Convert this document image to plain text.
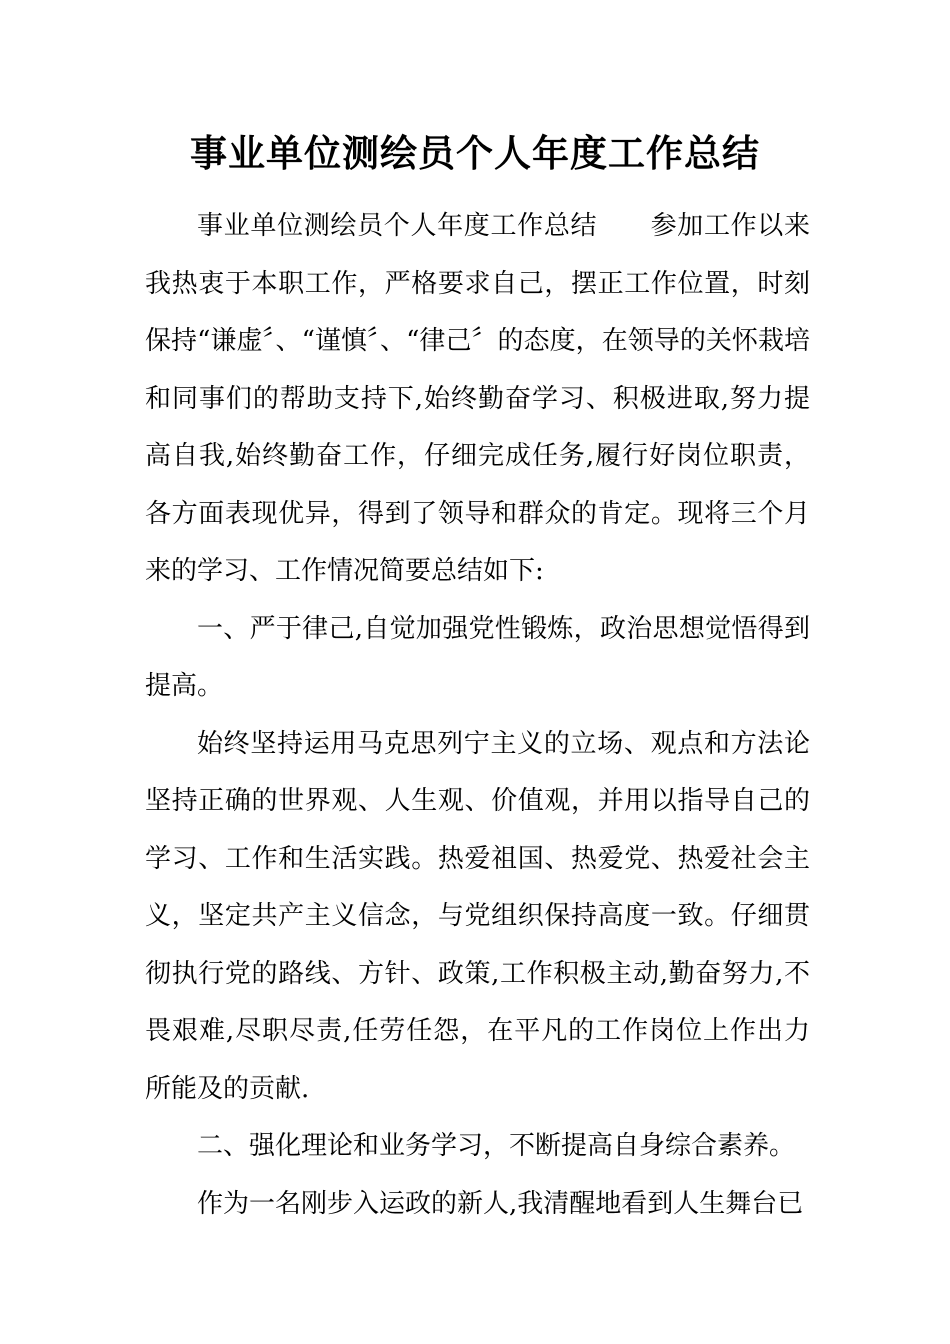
事业单位测绘员个人年度工作总结

事业单位测绘员个人年度工作总结　　参加工作以来我热衷于本职工作，严格要求自己，摆正工作位置，时刻保持“谦虚〞、“谨慎〞、“律己〞的态度，在领导的关怀栽培和同事们的帮助支持下,始终勤奋学习、积极进取,努力提高自我,始终勤奋工作，仔细完成任务,履行好岗位职责，各方面表现优异，得到了领导和群众的肯定。现将三个月来的学习、工作情况简要总结如下:

一、严于律己,自觉加强党性锻炼，政治思想觉悟得到提高。

始终坚持运用马克思列宁主义的立场、观点和方法论坚持正确的世界观、人生观、价值观，并用以指导自己的学习、工作和生活实践。热爱祖国、热爱党、热爱社会主义，坚定共产主义信念，与党组织保持高度一致。仔细贯彻执行党的路线、方针、政策,工作积极主动,勤奋努力,不畏艰难,尽职尽责,任劳任怨，在平凡的工作岗位上作出力所能及的贡献.

二、强化理论和业务学习，不断提高自身综合素养。

作为一名刚步入运政的新人,我清醒地看到人生舞台已
